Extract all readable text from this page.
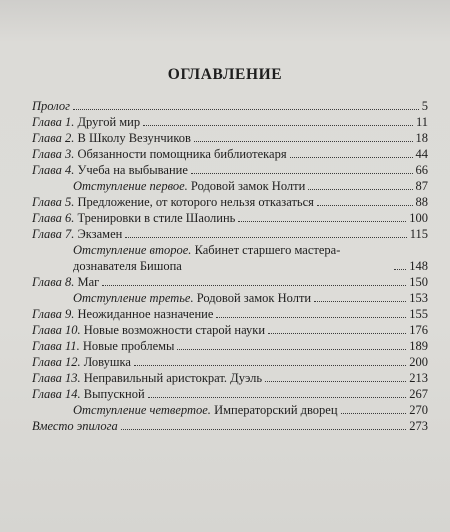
ОГЛАВЛЕНИЕ
Пролог	5
Глава 1. Другой мир	11
Глава 2. В Школу Везунчиков	18
Глава 3. Обязанности помощника библиотекаря	44
Глава 4. Учеба на выбывание	66
Отступление первое. Родовой замок Нолти	87
Глава 5. Предложение, от которого нельзя отказаться	88
Глава 6. Тренировки в стиле Шаолинь	100
Глава 7. Экзамен	115
Отступление второе. Кабинет старшего мастера-дознавателя Бишопа	148
Глава 8. Маг	150
Отступление третье. Родовой замок Нолти	153
Глава 9. Неожиданное назначение	155
Глава 10. Новые возможности старой науки	176
Глава 11. Новые проблемы	189
Глава 12. Ловушка	200
Глава 13. Неправильный аристократ. Дуэль	213
Глава 14. Выпускной	267
Отступление четвертое. Императорский дворец	270
Вместо эпилога	273
